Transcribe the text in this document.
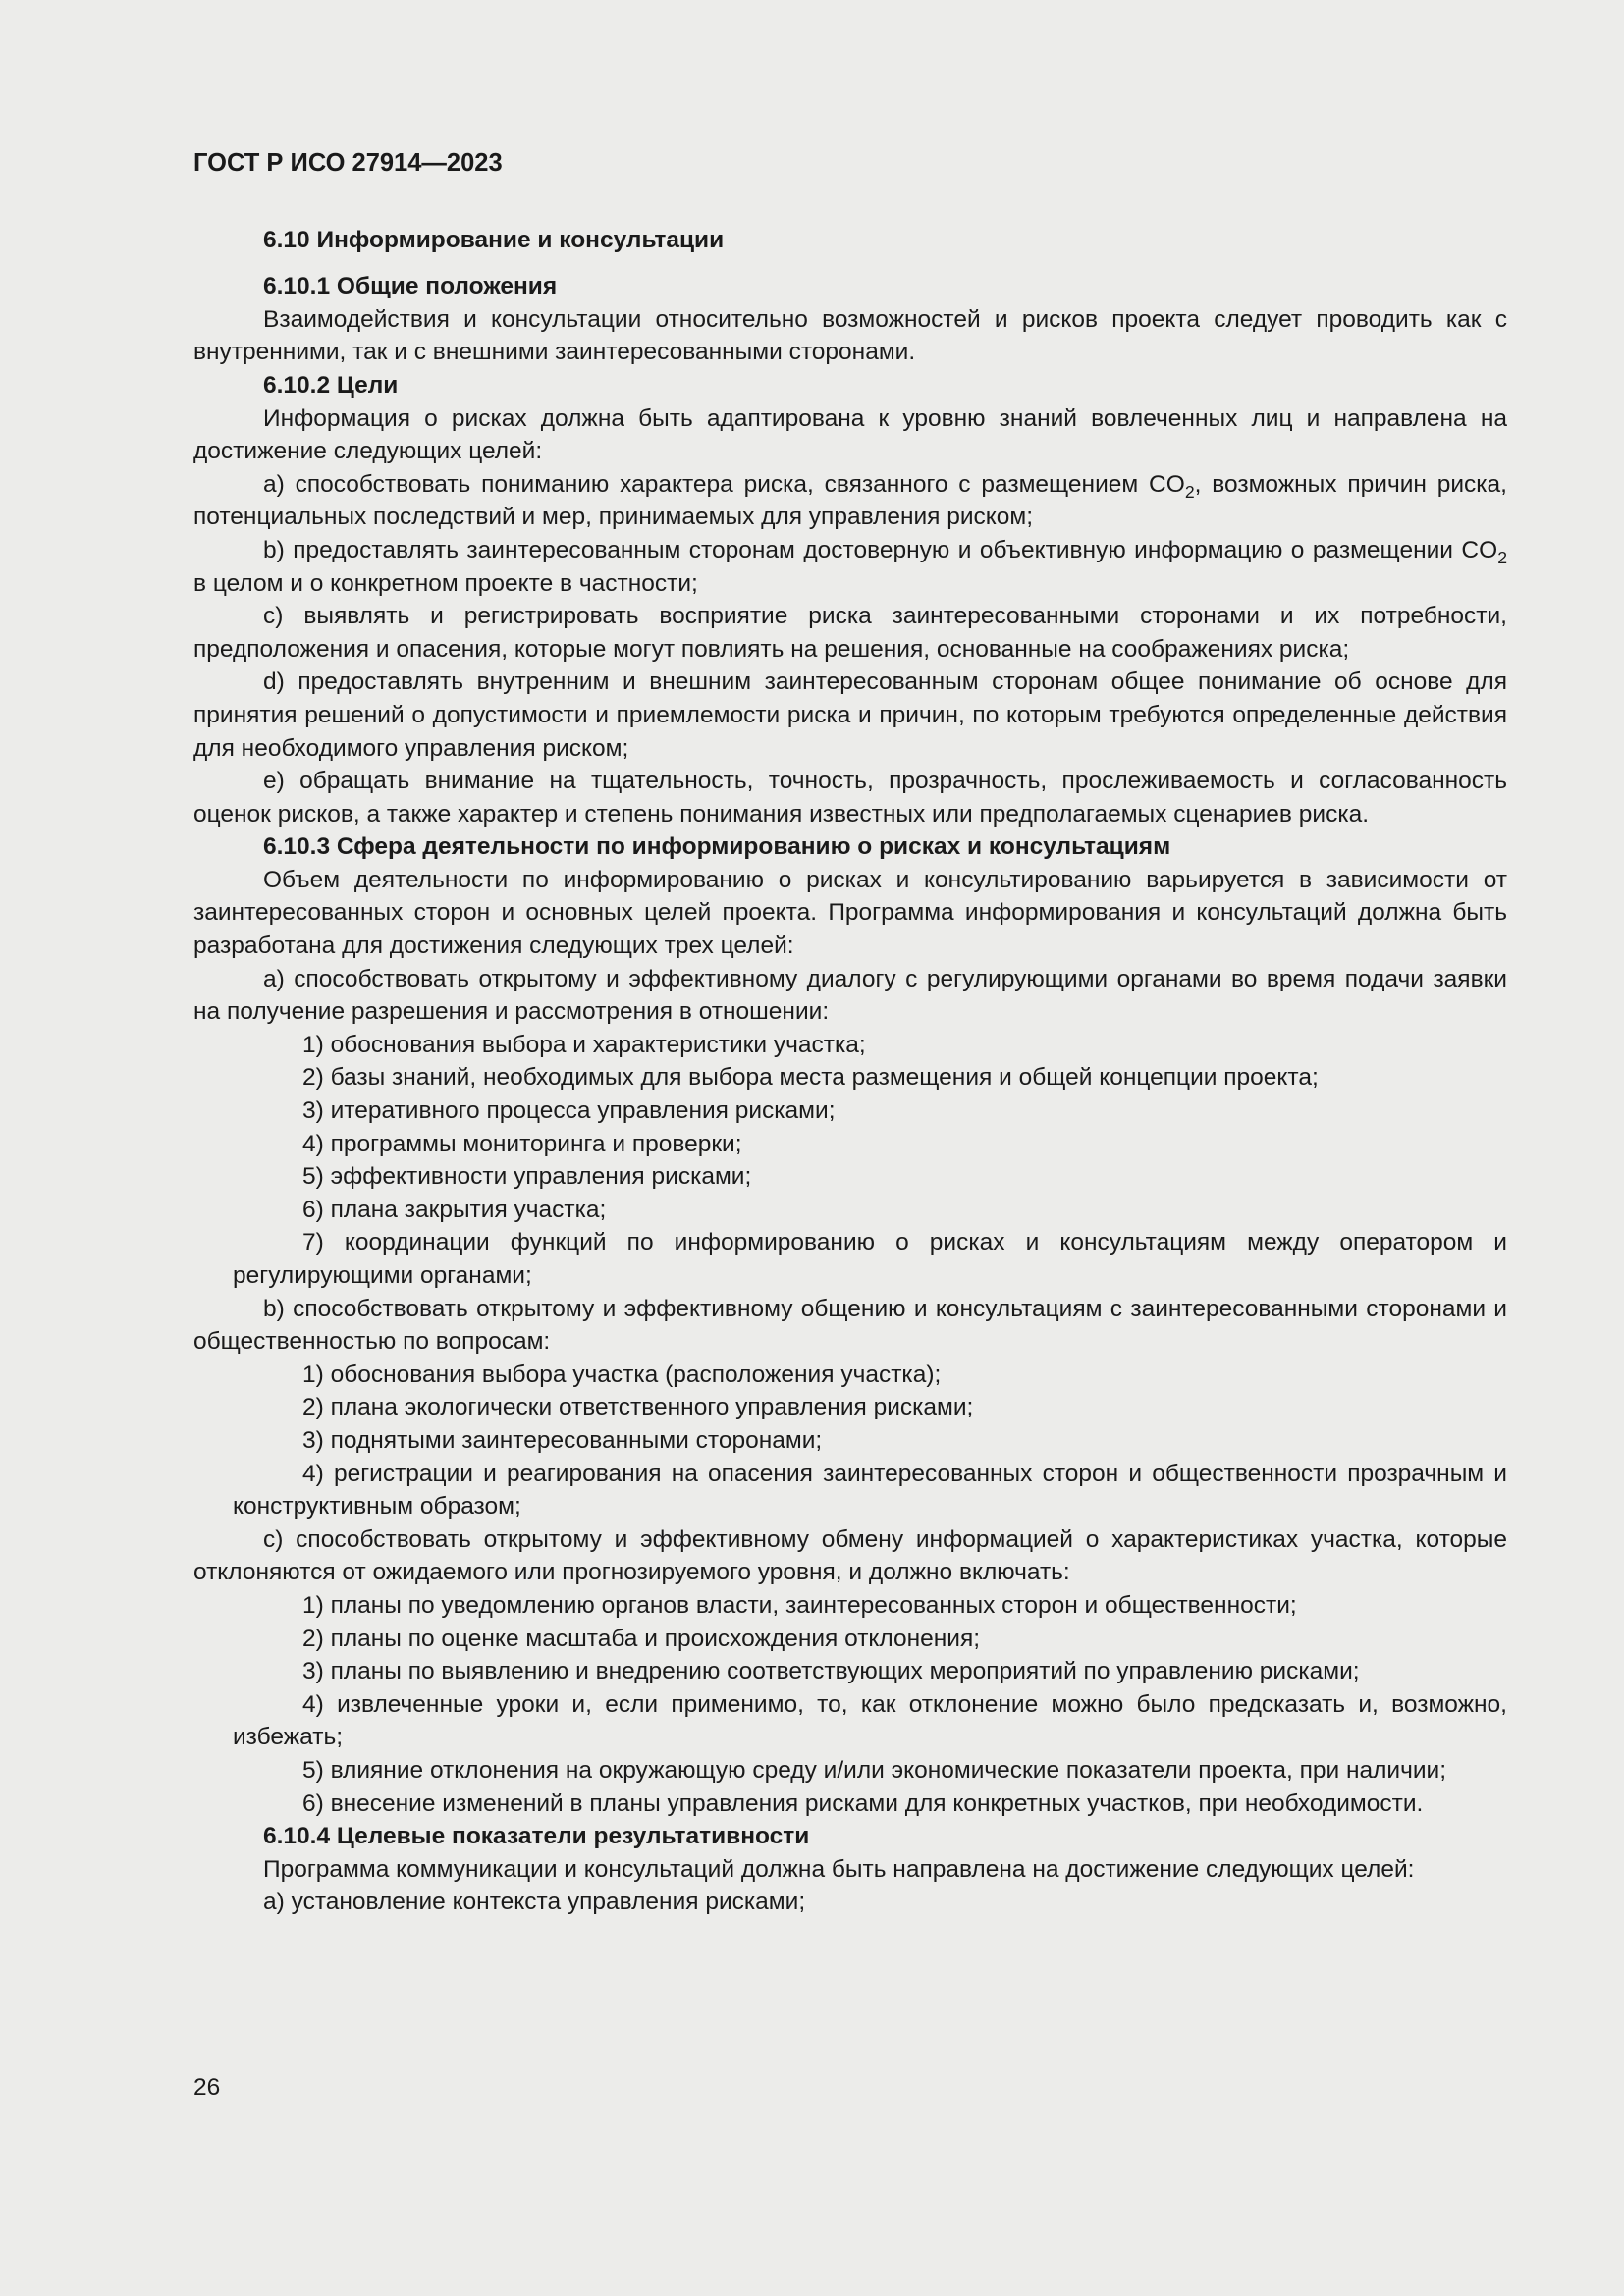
ГОСТ Р ИСО 27914—2023

6.10 Информирование и консультации

6.10.1 Общие положения

Взаимодействия и консультации относительно возможностей и рисков проекта следует проводить как с внутренними, так и с внешними заинтересованными сторонами.

6.10.2 Цели

Информация о рисках должна быть адаптирована к уровню знаний вовлеченных лиц и направлена на достижение следующих целей:

a) способствовать пониманию характера риска, связанного с размещением $CO_2$, возможных причин риска, потенциальных последствий и мер, принимаемых для управления риском;

b) предоставлять заинтересованным сторонам достоверную и объективную информацию о размещении $CO_2$ в целом и о конкретном проекте в частности;

c) выявлять и регистрировать восприятие риска заинтересованными сторонами и их потребности, предположения и опасения, которые могут повлиять на решения, основанные на соображениях риска;

d) предоставлять внутренним и внешним заинтересованным сторонам общее понимание об основе для принятия решений о допустимости и приемлемости риска и причин, по которым требуются определенные действия для необходимого управления риском;

e) обращать внимание на тщательность, точность, прозрачность, прослеживаемость и согласованность оценок рисков, а также характер и степень понимания известных или предполагаемых сценариев риска.

6.10.3 Сфера деятельности по информированию о рисках и консультациям

Объем деятельности по информированию о рисках и консультированию варьируется в зависимости от заинтересованных сторон и основных целей проекта. Программа информирования и консультаций должна быть разработана для достижения следующих трех целей:

a) способствовать открытому и эффективному диалогу с регулирующими органами во время подачи заявки на получение разрешения и рассмотрения в отношении:

1) обоснования выбора и характеристики участка;

2) базы знаний, необходимых для выбора места размещения и общей концепции проекта;

3) итеративного процесса управления рисками;

4) программы мониторинга и проверки;

5) эффективности управления рисками;

6) плана закрытия участка;

7) координации функций по информированию о рисках и консультациям между оператором и регулирующими органами;

b) способствовать открытому и эффективному общению и консультациям с заинтересованными сторонами и общественностью по вопросам:

1) обоснования выбора участка (расположения участка);

2) плана экологически ответственного управления рисками;

3) поднятыми заинтересованными сторонами;

4) регистрации и реагирования на опасения заинтересованных сторон и общественности прозрачным и конструктивным образом;

c) способствовать открытому и эффективному обмену информацией о характеристиках участка, которые отклоняются от ожидаемого или прогнозируемого уровня, и должно включать:

1) планы по уведомлению органов власти, заинтересованных сторон и общественности;

2) планы по оценке масштаба и происхождения отклонения;

3) планы по выявлению и внедрению соответствующих мероприятий по управлению рисками;

4) извлеченные уроки и, если применимо, то, как отклонение можно было предсказать и, возможно, избежать;

5) влияние отклонения на окружающую среду и/или экономические показатели проекта, при наличии;

6) внесение изменений в планы управления рисками для конкретных участков, при необходимости.

6.10.4 Целевые показатели результативности

Программа коммуникации и консультаций должна быть направлена на достижение следующих целей:

a) установление контекста управления рисками;

26
